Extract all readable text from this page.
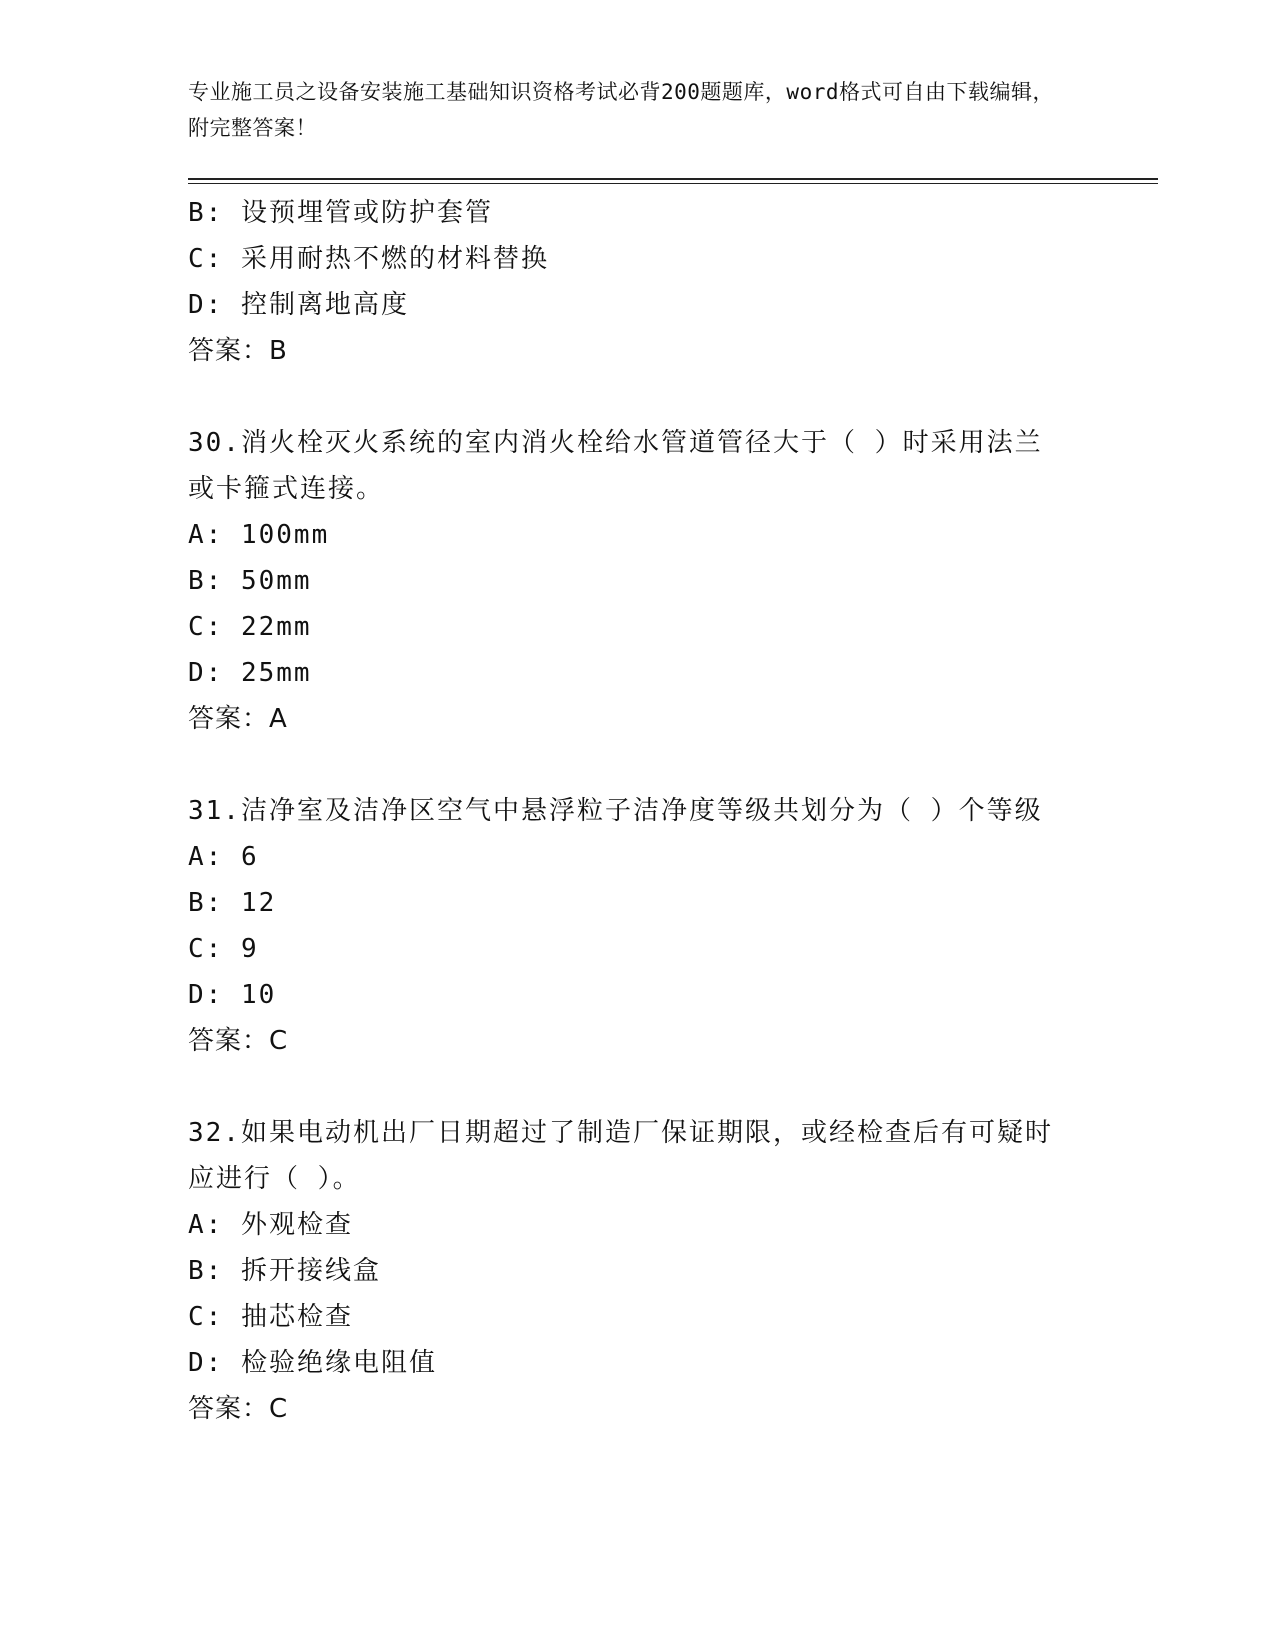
专业施工员之设备安装施工基础知识资格考试必背200题题库，word格式可自由下载编辑，附完整答案！
B: 设预埋管或防护套管
C: 采用耐热不燃的材料替换
D: 控制离地高度
答案：B
30.消火栓灭火系统的室内消火栓给水管道管径大于（ ）时采用法兰或卡箍式连接。
A: 100mm
B: 50mm
C: 22mm
D: 25mm
答案：A
31.洁净室及洁净区空气中悬浮粒子洁净度等级共划分为（ ）个等级
A: 6
B: 12
C: 9
D: 10
答案：C
32.如果电动机出厂日期超过了制造厂保证期限，或经检查后有可疑时应进行（ ）。
A: 外观检查
B: 拆开接线盒
C: 抽芯检查
D: 检验绝缘电阻值
答案：C
